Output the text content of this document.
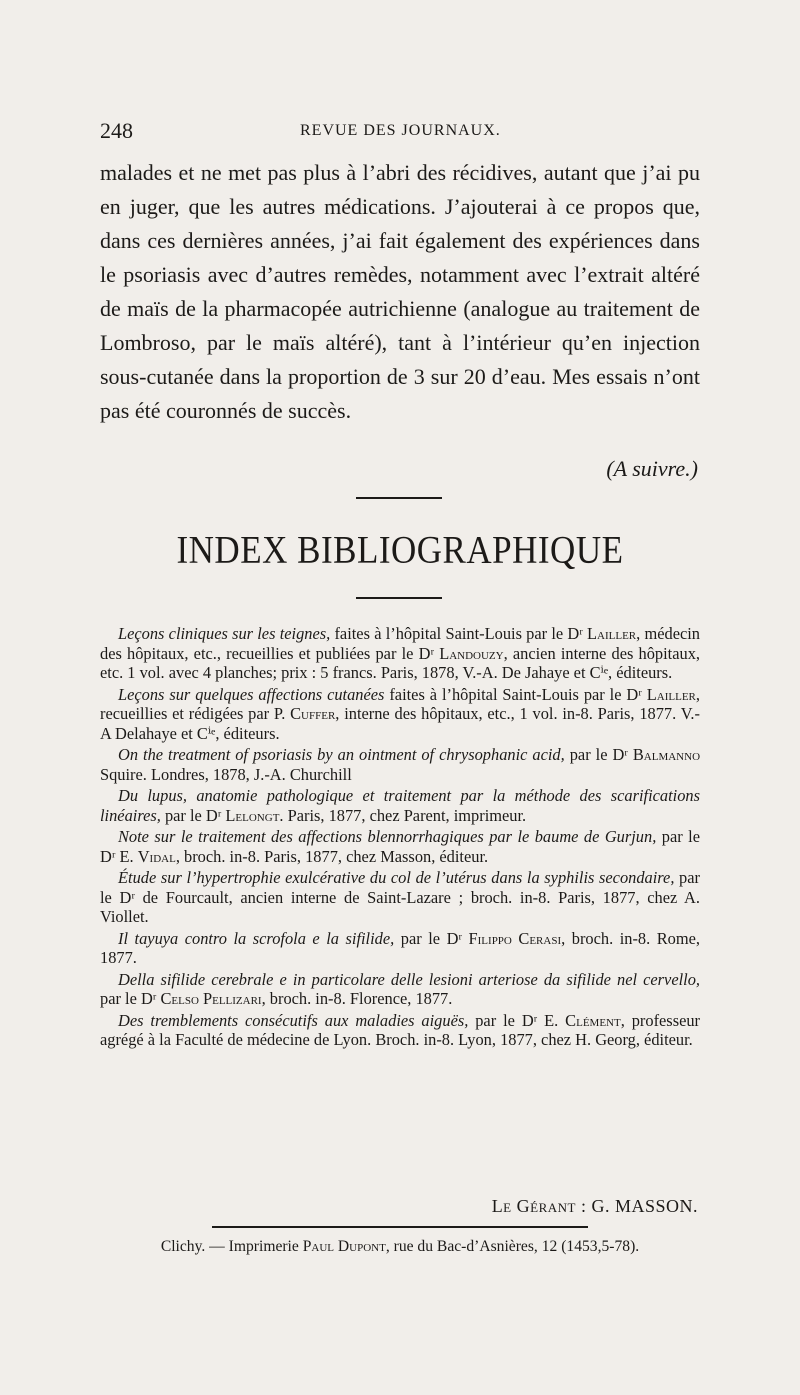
248	REVUE DES JOURNAUX.

malades et ne met pas plus à l’abri des récidives, autant que j’ai pu en juger, que les autres médications. J’ajouterai à ce propos que, dans ces dernières années, j’ai fait également des expériences dans le psoriasis avec d’autres remèdes, notamment avec l’extrait altéré de maïs de la pharmacopée autrichienne (analogue au traitement de Lombroso, par le maïs altéré), tant à l’intérieur qu’en injection sous-cutanée dans la proportion de 3 sur 20 d’eau. Mes essais n’ont pas été couronnés de succès.

(A suivre.)
INDEX BIBLIOGRAPHIQUE

Leçons cliniques sur les teignes, faites à l’hôpital Saint-Louis par le Dʳ Lailler, médecin des hôpitaux, etc., recueillies et publiées par le Dʳ Landouzy, ancien interne des hôpitaux, etc. 1 vol. avec 4 planches; prix : 5 francs. Paris, 1878, V.-A. De Jahaye et Cⁱᵉ, éditeurs.

Leçons sur quelques affections cutanées faites à l’hôpital Saint-Louis par le Dʳ Lailler, recueillies et rédigées par P. Cuffer, interne des hôpitaux, etc., 1 vol. in-8. Paris, 1877. V.-A Delahaye et Cⁱᵉ, éditeurs.

On the treatment of psoriasis by an ointment of chrysophanic acid, par le Dʳ Balmanno Squire. Londres, 1878, J.-A. Churchill

Du lupus, anatomie pathologique et traitement par la méthode des scarifications linéaires, par le Dʳ Lelongt. Paris, 1877, chez Parent, imprimeur.

Note sur le traitement des affections blennorrhagiques par le baume de Gurjun, par le Dʳ E. Vidal, broch. in-8. Paris, 1877, chez Masson, éditeur.

Étude sur l’hypertrophie exulcérative du col de l’utérus dans la syphilis secondaire, par le Dʳ de Fourcault, ancien interne de Saint-Lazare ; broch. in-8. Paris, 1877, chez A. Viollet.

Il tayuya contro la scrofola e la sifilide, par le Dʳ Filippo Cerasi, broch. in-8. Rome, 1877.

Della sifilide cerebrale e in particolare delle lesioni arteriose da sifilide nel cervello, par le Dʳ Celso Pellizari, broch. in-8. Florence, 1877.

Des tremblements consécutifs aux maladies aiguës, par le Dʳ E. Clément, professeur agrégé à la Faculté de médecine de Lyon. Broch. in-8. Lyon, 1877, chez H. Georg, éditeur.

Le Gérant : G. MASSON.
Clichy. — Imprimerie Paul Dupont, rue du Bac-d’Asnières, 12 (1453,5-78).
